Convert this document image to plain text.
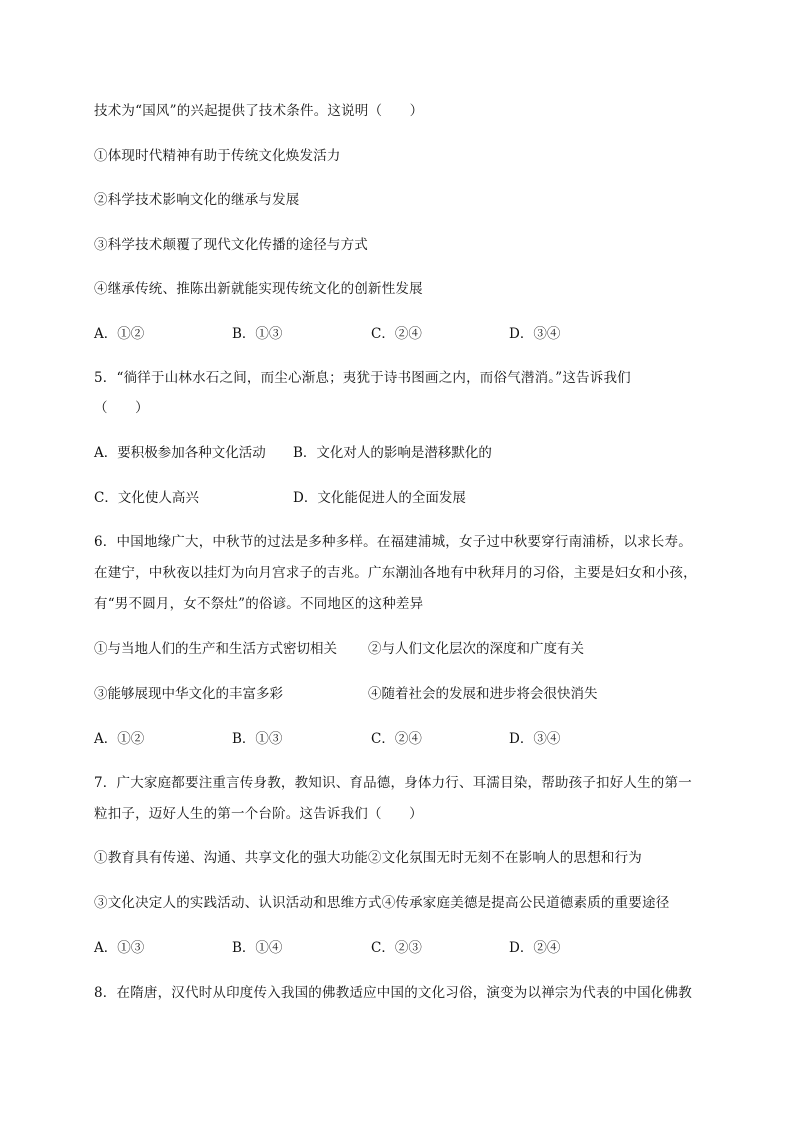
技术为“国风”的兴起提供了技术条件。这说明（　　）
①体现时代精神有助于传统文化焕发活力
②科学技术影响文化的继承与发展
③科学技术颠覆了现代文化传播的途径与方式
④继承传统、推陈出新就能实现传统文化的创新性发展
A．①②	B．①③	C．②④	D．③④
5．“徜徉于山林水石之间，而尘心渐息；夷犹于诗书图画之内，而俗气潜消。”这告诉我们
（　　）
A．要积极参加各种文化活动 B．文化对人的影响是潜移默化的
C．文化使人高兴	D．文化能促进人的全面发展
6．中国地缘广大，中秋节的过法是多种多样。在福建浦城，女子过中秋要穿行南浦桥，以求长寿。
在建宁，中秋夜以挂灯为向月宫求子的吉兆。广东潮汕各地有中秋拜月的习俗，主要是妇女和小孩，
有“男不圆月，女不祭灶”的俗谚。不同地区的这种差异
①与当地人们的生产和生活方式密切相关 ②与人们文化层次的深度和广度有关
③能够展现中华文化的丰富多彩	④随着社会的发展和进步将会很快消失
A．①②	B．①③	C．②④	D．③④
7．广大家庭都要注重言传身教，教知识、育品德，身体力行、耳濡目染，帮助孩子扣好人生的第一
粒扣子，迈好人生的第一个台阶。这告诉我们（　　）
①教育具有传递、沟通、共享文化的强大功能②文化氛围无时无刻不在影响人的思想和行为
③文化决定人的实践活动、认识活动和思维方式④传承家庭美德是提高公民道德素质的重要途径
A．①③	B．①④	C．②③	D．②④
8．在隋唐，汉代时从印度传入我国的佛教适应中国的文化习俗，演变为以禅宗为代表的中国化佛教
